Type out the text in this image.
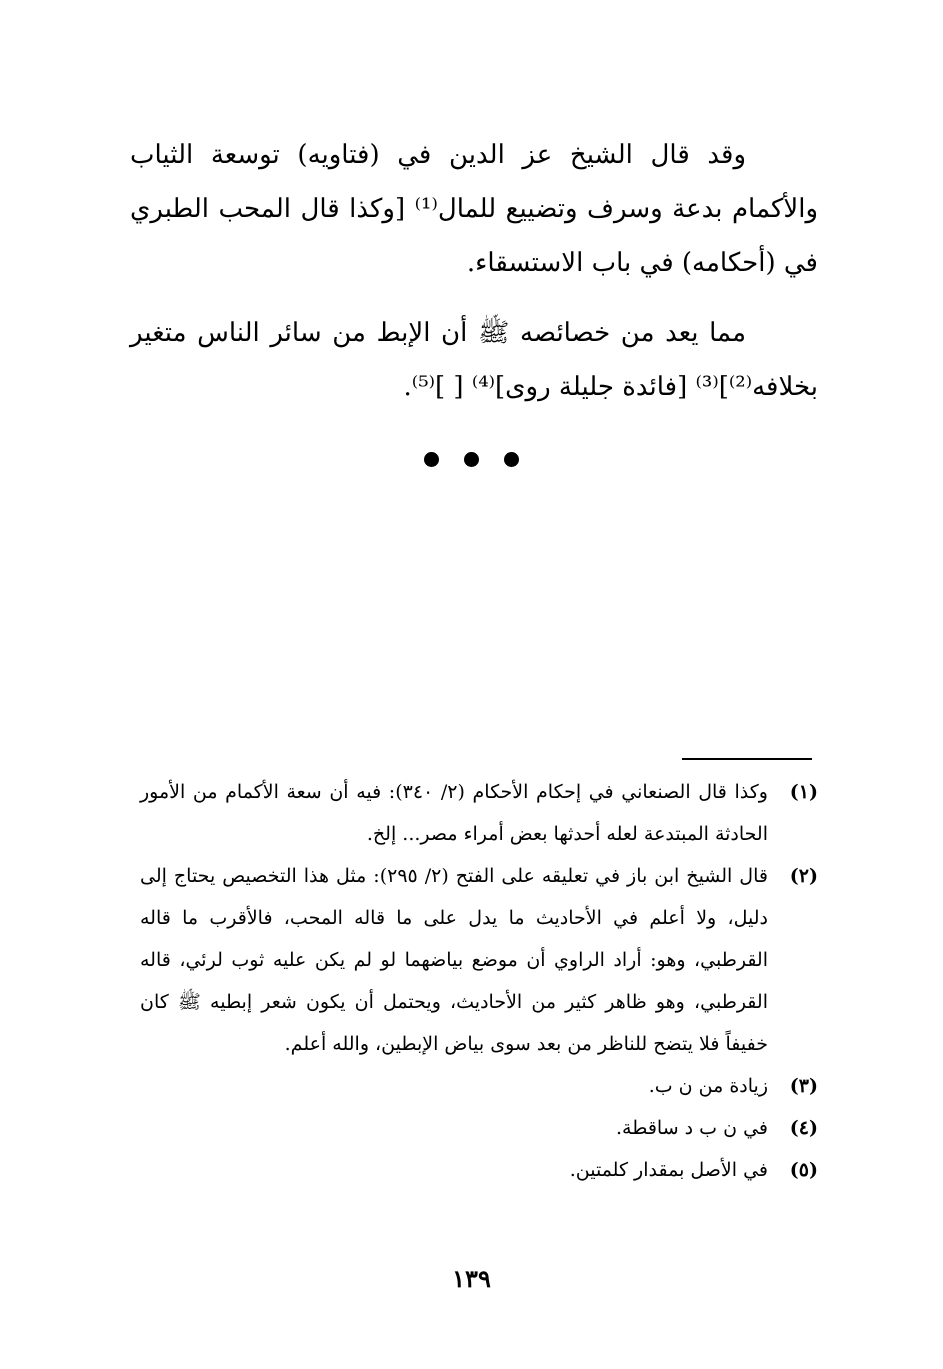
وقد قال الشيخ عز الدين في (فتاويه) توسعة الثياب والأكمام بدعة وسرف وتضييع للمال⁽¹⁾ [وكذا قال المحب الطبري في (أحكامه) في باب الاستسقاء.

مما يعد من خصائصه ﷺ أن الإبط من سائر الناس متغير بخلافه⁽²⁾]⁽³⁾ [فائدة جليلة روى]⁽⁴⁾ [ ]⁽⁵⁾.

(١)
وكذا قال الصنعاني في إحكام الأحكام (٢/ ٣٤٠): فيه أن سعة الأكمام من الأمور الحادثة المبتدعة لعله أحدثها بعض أمراء مصر... إلخ.
(٢)
قال الشيخ ابن باز في تعليقه على الفتح (٢/ ٢٩٥): مثل هذا التخصيص يحتاج إلى دليل، ولا أعلم في الأحاديث ما يدل على ما قاله المحب، فالأقرب ما قاله القرطبي، وهو: أراد الراوي أن موضع بياضهما لو لم يكن عليه ثوب لرئي، قاله القرطبي، وهو ظاهر كثير من الأحاديث، ويحتمل أن يكون شعر إبطيه ﷺ كان خفيفاً فلا يتضح للناظر من بعد سوى بياض الإبطين، والله أعلم.
(٣)
زيادة من ن ب.
(٤)
في ن ب د ساقطة.
(٥)
في الأصل بمقدار كلمتين.
١٣٩
